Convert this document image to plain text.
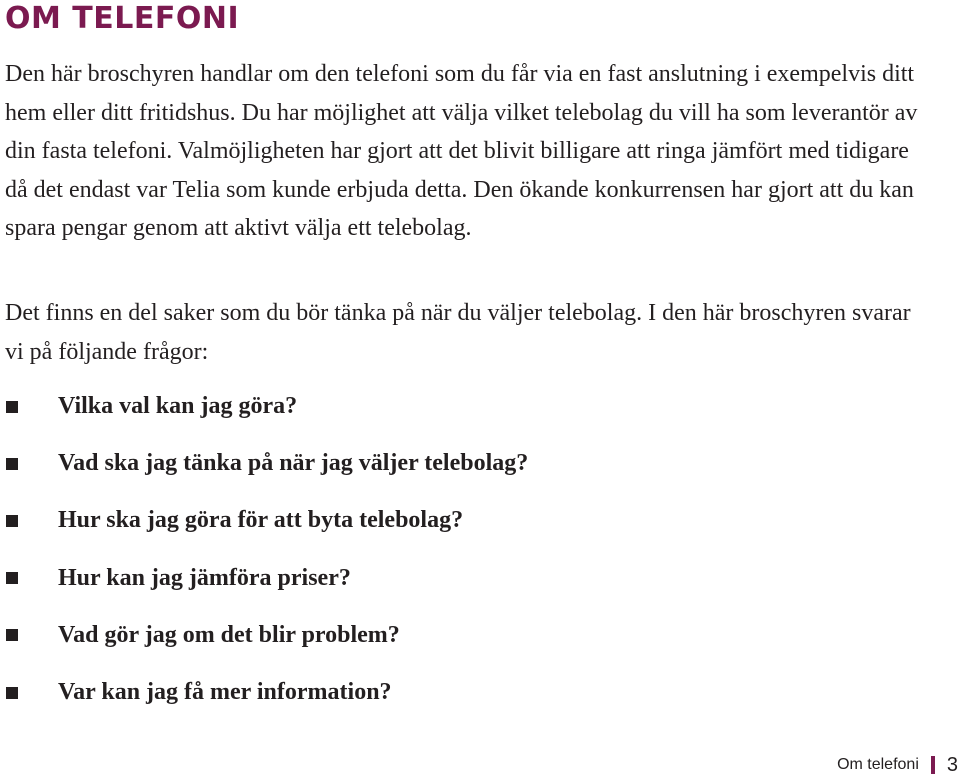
OM TELEFONI

Den här broschyren handlar om den telefoni som du får via en fast anslutning i exempelvis ditt hem eller ditt fritidshus. Du har möjlighet att välja vilket telebolag du vill ha som leverantör av din fasta telefoni. Valmöjligheten har gjort att det blivit billigare att ringa jämfört med tidigare då det endast var Telia som kunde erbjuda detta. Den ökande konkurrensen har gjort att du kan spara pengar genom att aktivt välja ett telebolag.

Det finns en del saker som du bör tänka på när du väljer telebolag. I den här broschyren svarar vi på följande frågor:

Vilka val kan jag göra?
Vad ska jag tänka på när jag väljer telebolag?
Hur ska jag göra för att byta telebolag?
Hur kan jag jämföra priser?
Vad gör jag om det blir problem?
Var kan jag få mer information?
Om telefoni 3
